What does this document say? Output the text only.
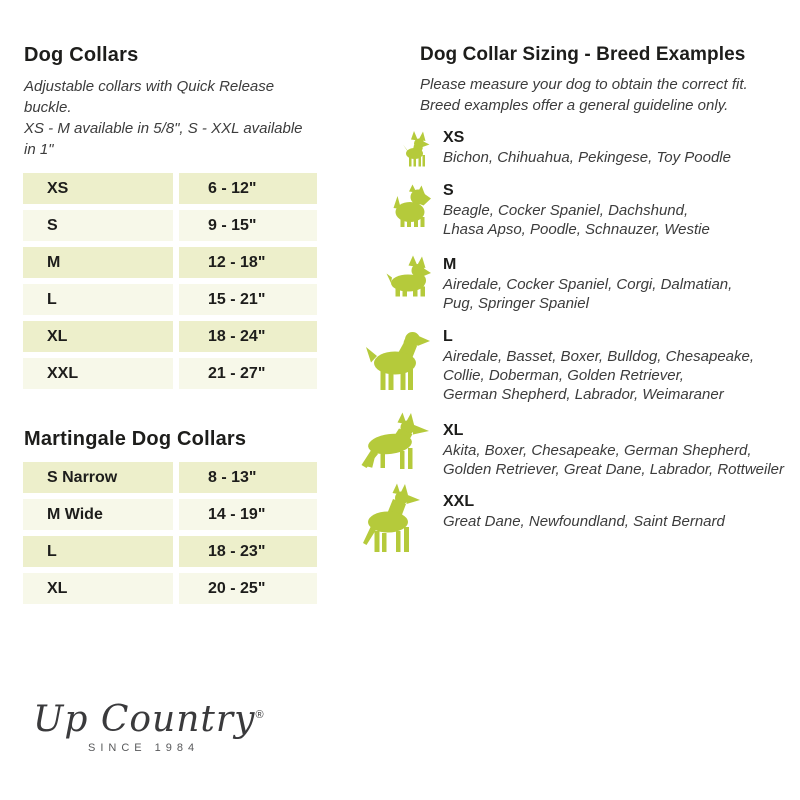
Dog Collars

Adjustable collars with Quick Release buckle.
XS - M available in 5/8", S - XXL available in 1"

XS	6 - 12"
S	9 - 15"
M	12 - 18"
L	15 - 21"
XL	18 - 24"
XXL	21 - 27"
Martingale Dog Collars
S Narrow	8 - 13"
M Wide	14 - 19"
L	18 - 23"
XL	20 - 25"
Up Country®
SINCE 1984
Dog Collar Sizing - Breed Examples

Please measure your dog to obtain the correct fit.
Breed examples offer a general guideline only.

XS
Bichon, Chihuahua, Pekingese, Toy Poodle
S
Beagle, Cocker Spaniel, Dachshund,
Lhasa Apso, Poodle, Schnauzer, Westie
M
Airedale, Cocker Spaniel, Corgi, Dalmatian,
Pug, Springer Spaniel
L
Airedale, Basset, Boxer, Bulldog, Chesapeake,
Collie, Doberman, Golden Retriever,
German Shepherd, Labrador, Weimaraner
XL
Akita, Boxer, Chesapeake, German Shepherd,
Golden Retriever, Great Dane, Labrador, Rottweiler
XXL
Great Dane, Newfoundland, Saint Bernard
